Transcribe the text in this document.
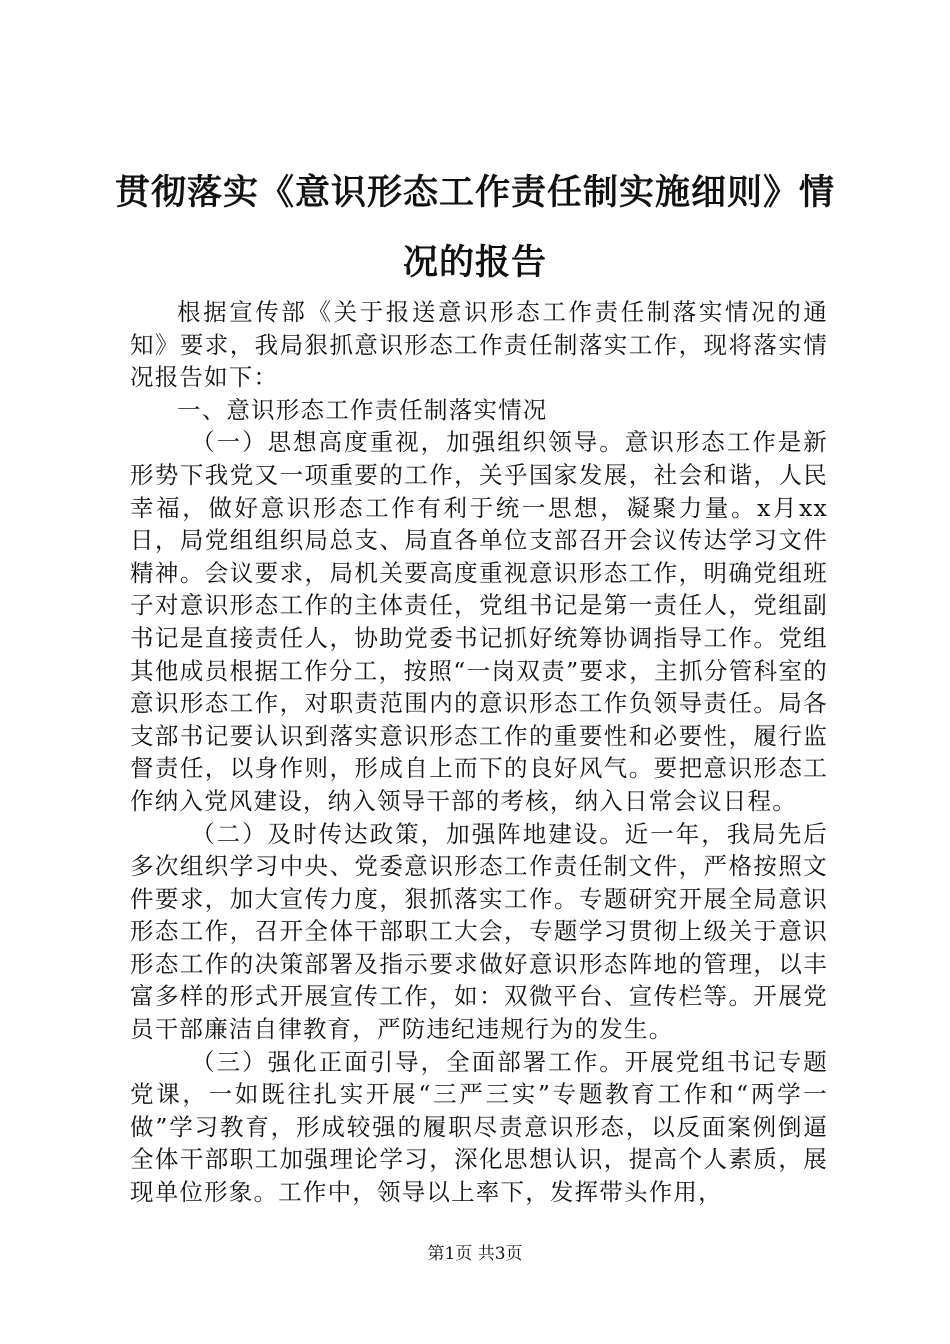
贯彻落实《意识形态工作责任制实施细则》情况的报告

根据宣传部《关于报送意识形态工作责任制落实情况的通知》要求，我局狠抓意识形态工作责任制落实工作，现将落实情况报告如下：

一、意识形态工作责任制落实情况

（一）思想高度重视，加强组织领导。意识形态工作是新形势下我党又一项重要的工作，关乎国家发展，社会和谐，人民幸福，做好意识形态工作有利于统一思想，凝聚力量。x月xx日，局党组组织局总支、局直各单位支部召开会议传达学习文件精神。会议要求，局机关要高度重视意识形态工作，明确党组班子对意识形态工作的主体责任，党组书记是第一责任人，党组副书记是直接责任人，协助党委书记抓好统筹协调指导工作。党组其他成员根据工作分工，按照“一岗双责”要求，主抓分管科室的意识形态工作，对职责范围内的意识形态工作负领导责任。局各支部书记要认识到落实意识形态工作的重要性和必要性，履行监督责任，以身作则，形成自上而下的良好风气。要把意识形态工作纳入党风建设，纳入领导干部的考核，纳入日常会议日程。

（二）及时传达政策，加强阵地建设。近一年，我局先后多次组织学习中央、党委意识形态工作责任制文件，严格按照文件要求，加大宣传力度，狠抓落实工作。专题研究开展全局意识形态工作，召开全体干部职工大会，专题学习贯彻上级关于意识形态工作的决策部署及指示要求做好意识形态阵地的管理，以丰富多样的形式开展宣传工作，如：双微平台、宣传栏等。开展党员干部廉洁自律教育，严防违纪违规行为的发生。

（三）强化正面引导，全面部署工作。开展党组书记专题党课，一如既往扎实开展“三严三实”专题教育工作和“两学一做”学习教育，形成较强的履职尽责意识形态，以反面案例倒逼全体干部职工加强理论学习，深化思想认识，提高个人素质，展现单位形象。工作中，领导以上率下，发挥带头作用，

第1页 共3页
